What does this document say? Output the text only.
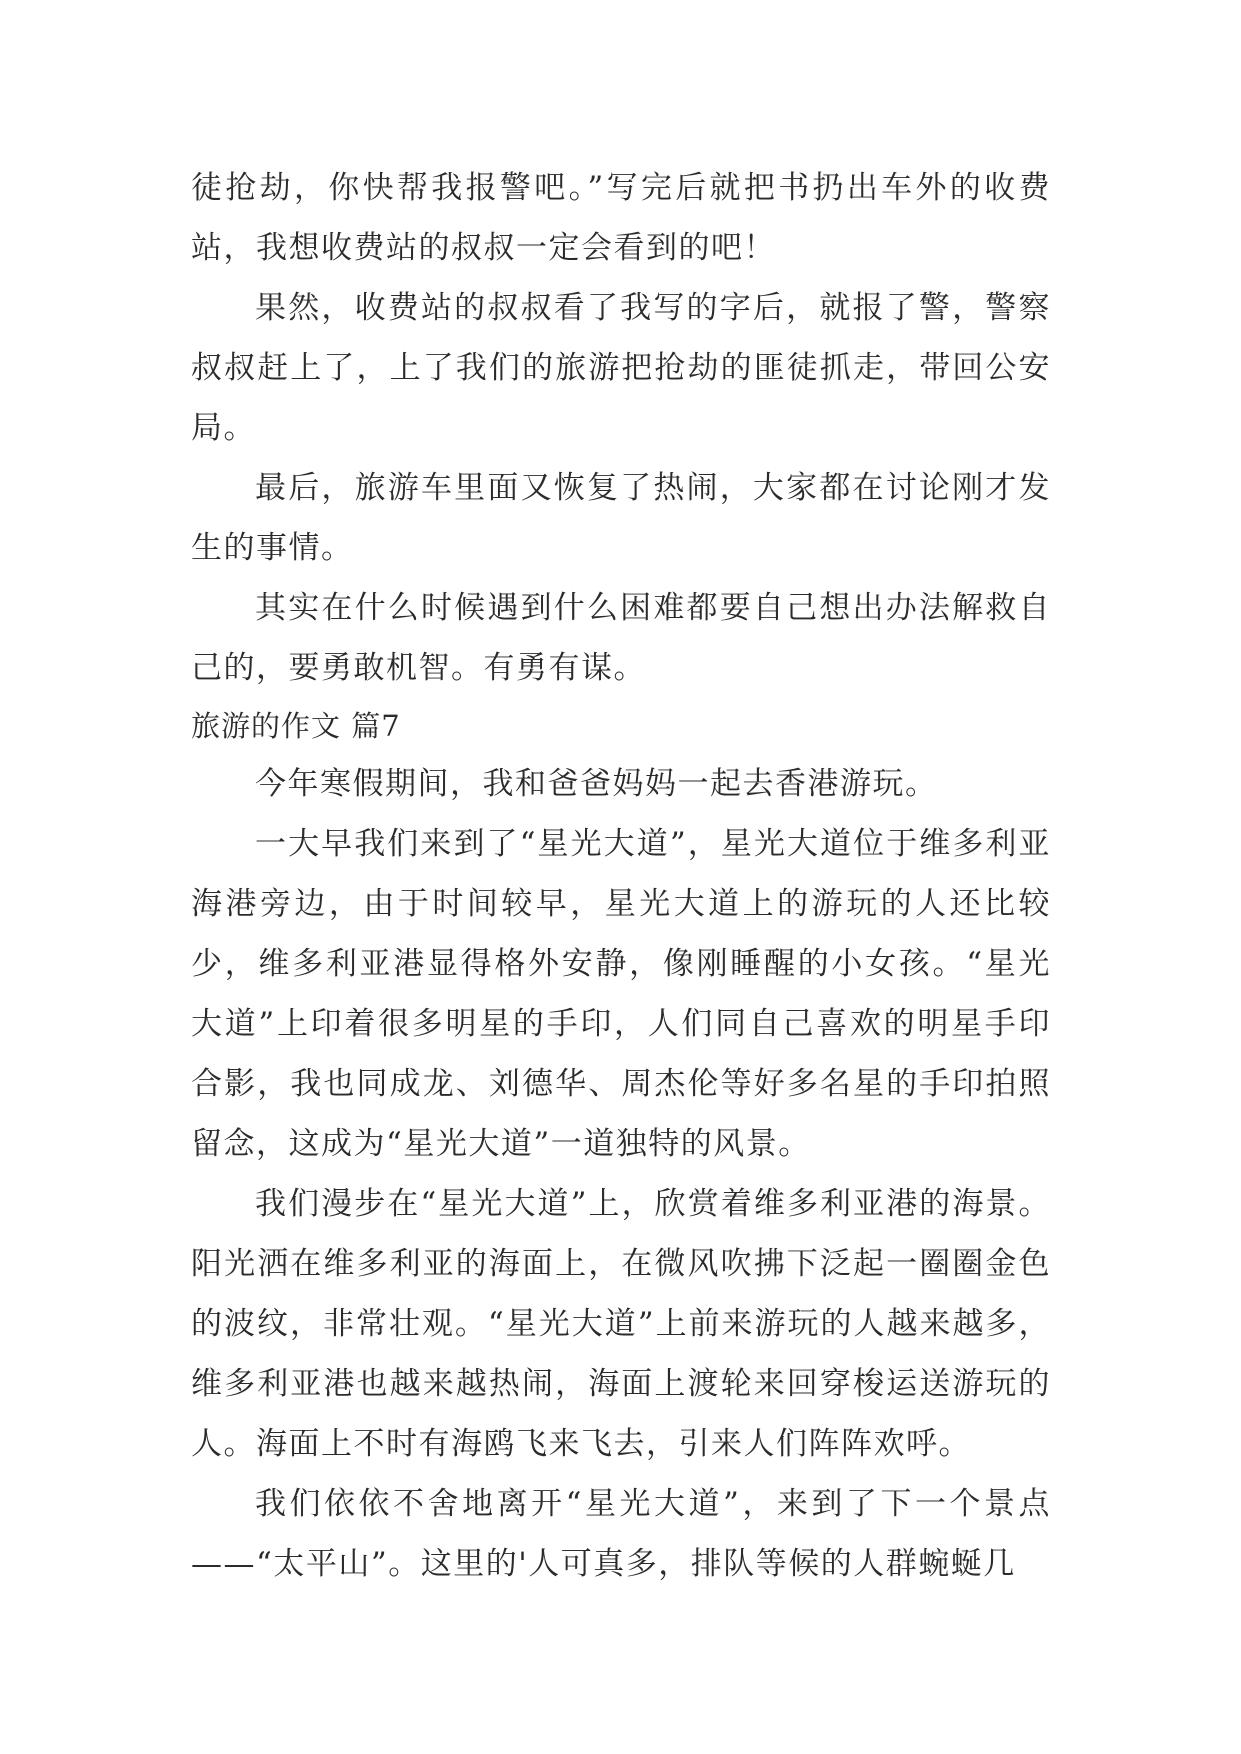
徒抢劫，你快帮我报警吧。”写完后就把书扔出车外的收费站，我想收费站的叔叔一定会看到的吧！

果然，收费站的叔叔看了我写的字后，就报了警，警察叔叔赶上了，上了我们的旅游把抢劫的匪徒抓走，带回公安局。

最后，旅游车里面又恢复了热闹，大家都在讨论刚才发生的事情。

其实在什么时候遇到什么困难都要自己想出办法解救自己的，要勇敢机智。有勇有谋。

旅游的作文 篇7

今年寒假期间，我和爸爸妈妈一起去香港游玩。

一大早我们来到了“星光大道”，星光大道位于维多利亚海港旁边，由于时间较早，星光大道上的游玩的人还比较少，维多利亚港显得格外安静，像刚睡醒的小女孩。“星光大道”上印着很多明星的手印，人们同自己喜欢的明星手印合影，我也同成龙、刘德华、周杰伦等好多名星的手印拍照留念，这成为“星光大道”一道独特的风景。

我们漫步在“星光大道”上，欣赏着维多利亚港的海景。阳光洒在维多利亚的海面上，在微风吹拂下泛起一圈圈金色的波纹，非常壮观。“星光大道”上前来游玩的人越来越多，维多利亚港也越来越热闹，海面上渡轮来回穿梭运送游玩的人。海面上不时有海鸥飞来飞去，引来人们阵阵欢呼。

我们依依不舍地离开“星光大道”，来到了下一个景点——“太平山”。这里的'人可真多，排队等候的人群蜿蜒几
